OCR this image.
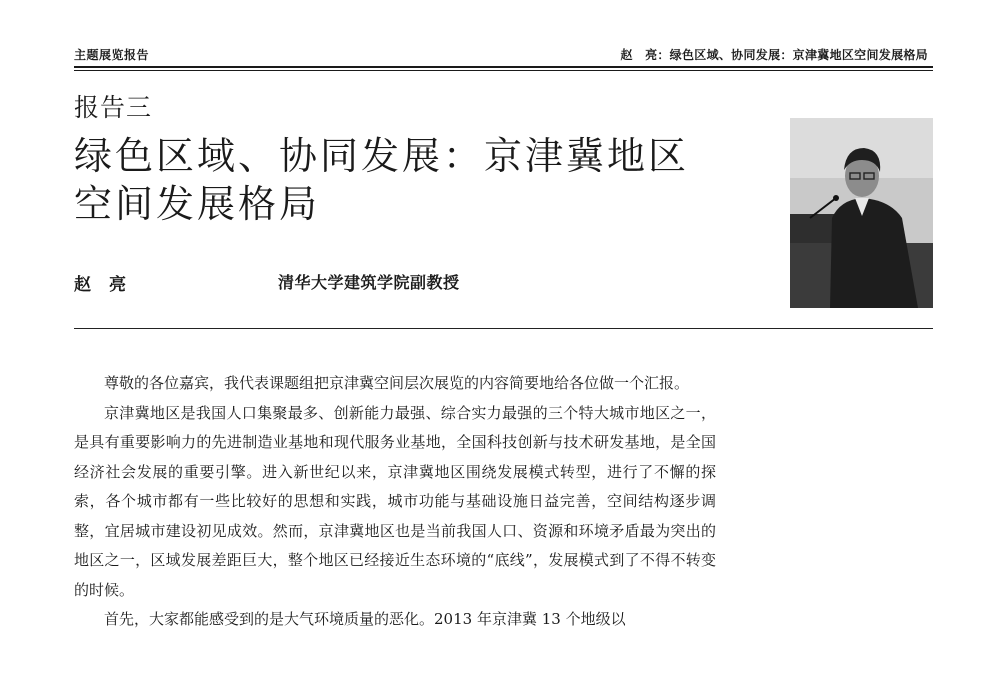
主题展览报告	赵　亮：绿色区域、协同发展：京津冀地区空间发展格局
报告三
绿色区域、协同发展：京津冀地区
空间发展格局
赵亮	清华大学建筑学院副教授

尊敬的各位嘉宾，我代表课题组把京津冀空间层次展览的内容简要地给各位做一个汇报。

京津冀地区是我国人口集聚最多、创新能力最强、综合实力最强的三个特大城市地区之一，是具有重要影响力的先进制造业基地和现代服务业基地，全国科技创新与技术研发基地，是全国经济社会发展的重要引擎。进入新世纪以来，京津冀地区围绕发展模式转型，进行了不懈的探索，各个城市都有一些比较好的思想和实践，城市功能与基础设施日益完善，空间结构逐步调整，宜居城市建设初见成效。然而，京津冀地区也是当前我国人口、资源和环境矛盾最为突出的地区之一，区域发展差距巨大，整个地区已经接近生态环境的“底线”，发展模式到了不得不转变的时候。

首先，大家都能感受到的是大气环境质量的恶化。2013 年京津冀 13 个地级以
